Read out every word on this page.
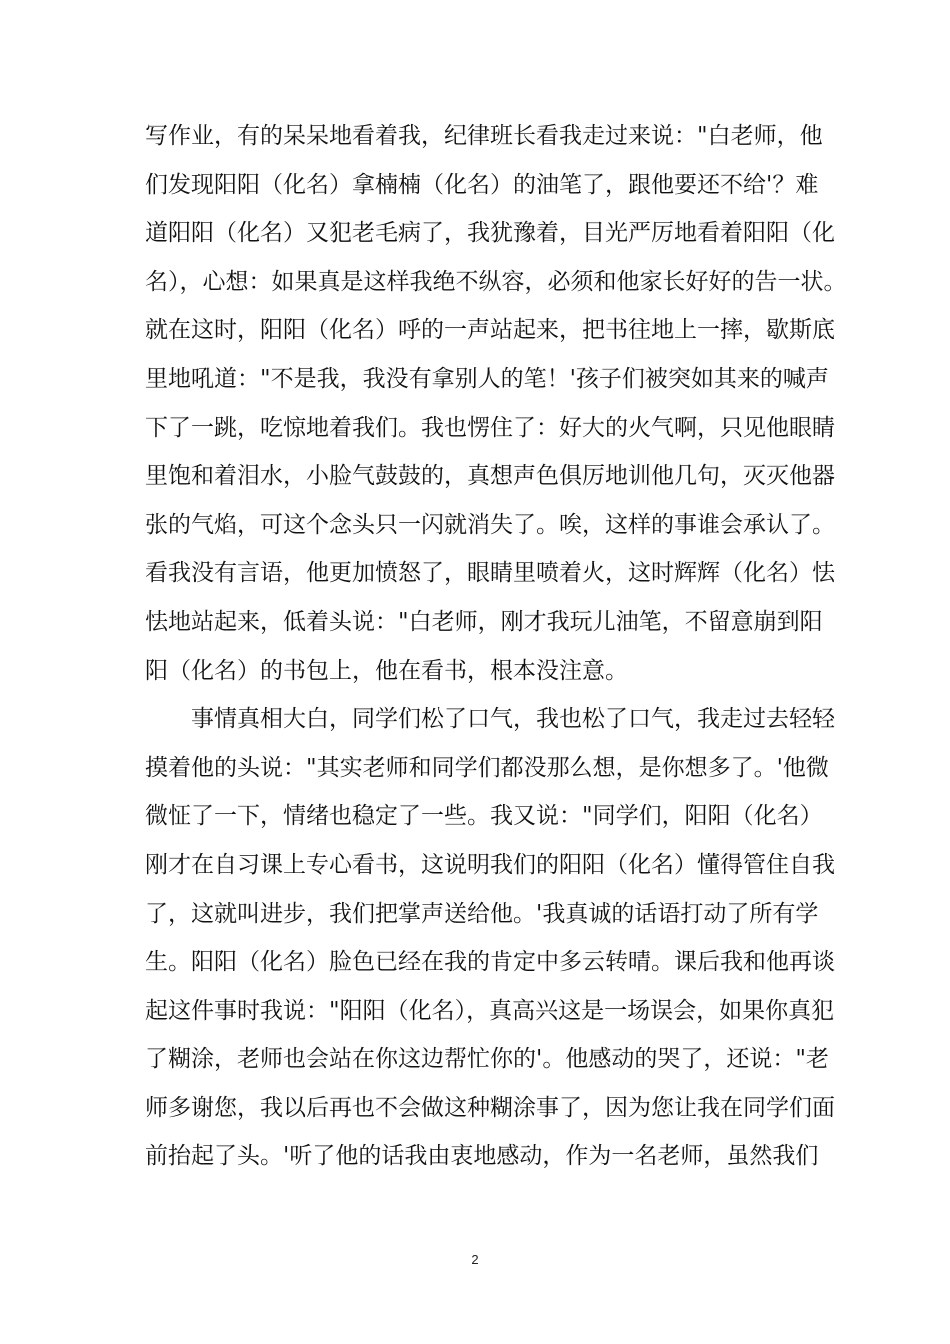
写作业，有的呆呆地看着我，纪律班长看我走过来说："白老师，他
们发现阳阳（化名）拿楠楠（化名）的油笔了，跟他要还不给'？难
道阳阳（化名）又犯老毛病了，我犹豫着，目光严厉地看着阳阳（化
名），心想：如果真是这样我绝不纵容，必须和他家长好好的告一状。
就在这时，阳阳（化名）呼的一声站起来，把书往地上一摔，歇斯底
里地吼道："不是我，我没有拿别人的笔！'孩子们被突如其来的喊声
下了一跳，吃惊地着我们。我也愣住了：好大的火气啊，只见他眼睛
里饱和着泪水，小脸气鼓鼓的，真想声色俱厉地训他几句，灭灭他器
张的气焰，可这个念头只一闪就消失了。唉，这样的事谁会承认了。
看我没有言语，他更加愤怒了，眼睛里喷着火，这时辉辉（化名）怯
怯地站起来，低着头说："白老师，刚才我玩儿油笔，不留意崩到阳
阳（化名）的书包上，他在看书，根本没注意。
事情真相大白，同学们松了口气，我也松了口气，我走过去轻轻
摸着他的头说："其实老师和同学们都没那么想，是你想多了。'他微
微怔了一下，情绪也稳定了一些。我又说："同学们，阳阳（化名）
刚才在自习课上专心看书，这说明我们的阳阳（化名）懂得管住自我
了，这就叫进步，我们把掌声送给他。'我真诚的话语打动了所有学
生。阳阳（化名）脸色已经在我的肯定中多云转晴。课后我和他再谈
起这件事时我说："阳阳（化名），真高兴这是一场误会，如果你真犯
了糊涂，老师也会站在你这边帮忙你的'。他感动的哭了，还说："老
师多谢您，我以后再也不会做这种糊涂事了，因为您让我在同学们面
前抬起了头。'听了他的话我由衷地感动，作为一名老师，虽然我们
2
